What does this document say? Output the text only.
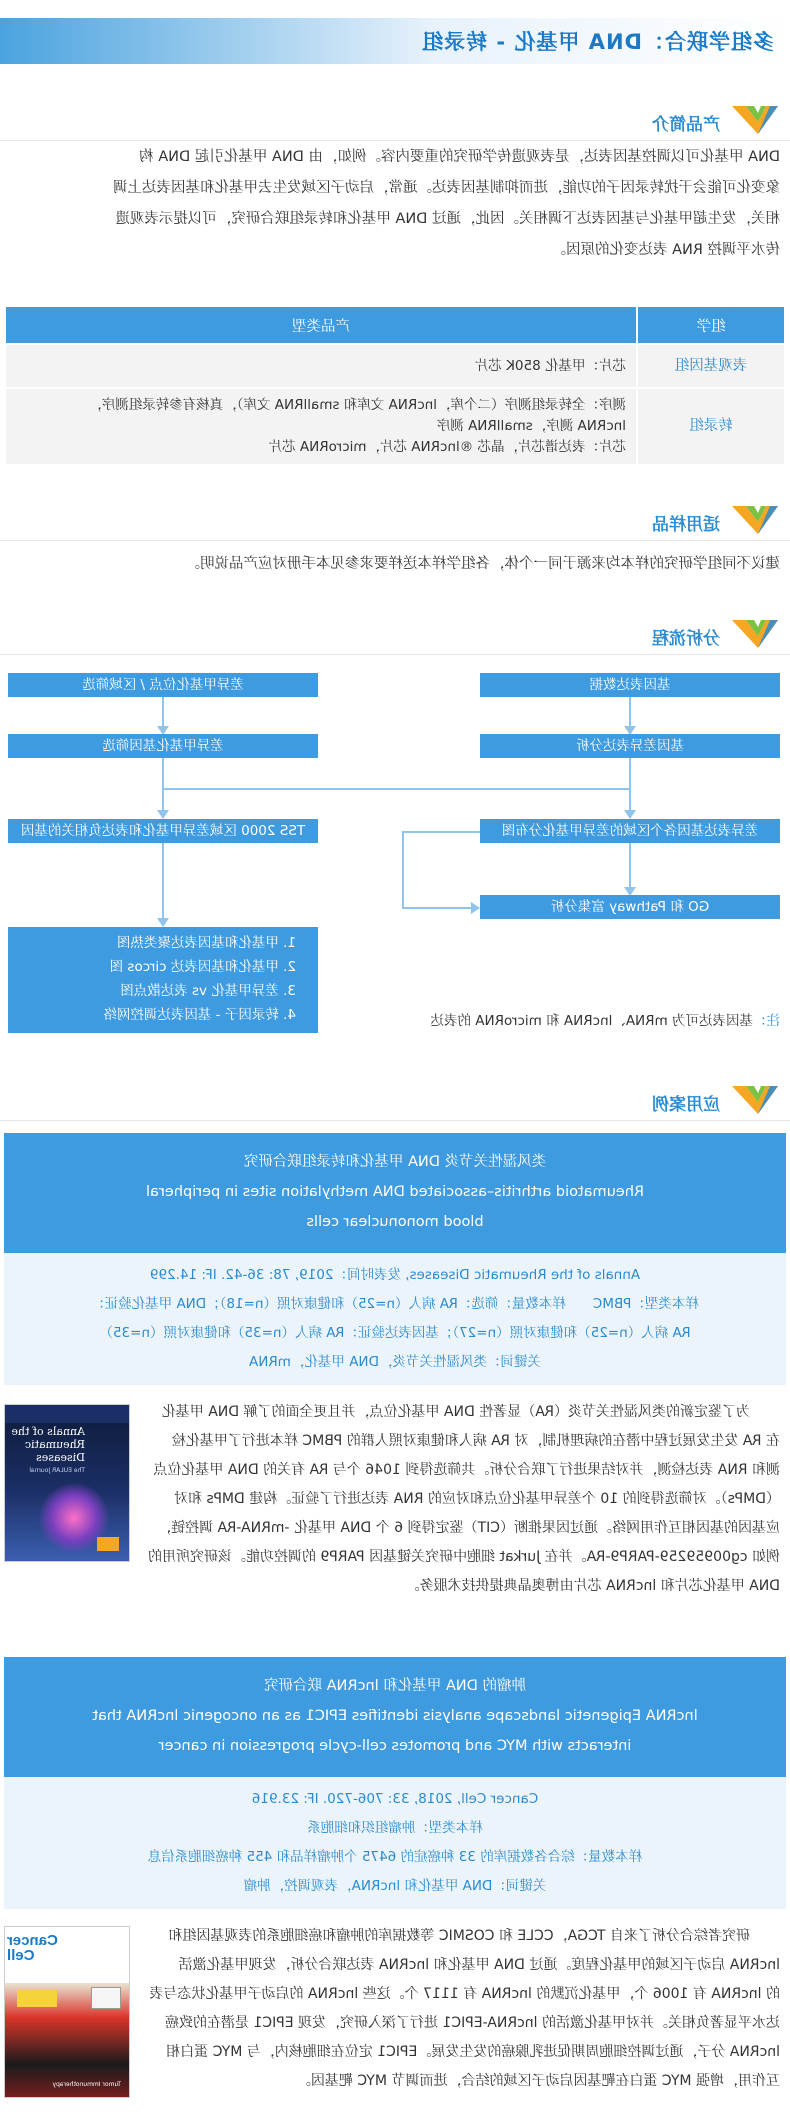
多组学联合：DNA 甲基化 - 转录组
产品简介
DNA 甲基化可以调控基因表达，是表观遗传学研究的重要内容。例如，由 DNA 甲基化引起 DNA 构
象变化可能会干扰转录因子的功能，进而抑制基因表达。通常，启动子区域发生去甲基化和基因表达上调
相关，发生超甲基化与基因表达下调相关。因此，通过 DNA 甲基化和转录组联合研究，可以提示表观遗
传水平调控 RNA 表达变化的原因。
组学	产品类型
表观基因组	芯片：甲基化 850K 芯片

转录组	测序：全转录组测序（二个库，lncRNA 文库和 smallRNA 文库），真核有参转录组测序，
lncRNA 测序，smallRNA 测序
芯片：表达谱芯片，晶芯 ®lncRNA 芯片，microRNA 芯片
适用样品
建议不同组学研究的样本均来源于同一个体，各组学样本送样要求参见本手册对应产品说明。
分析流程
基因表达数据
基因差异表达分析
差异甲基化位点 / 区域筛选
差异甲基化基因筛选
差异表达基因各个区域的差异甲基化分布图
TSS 2000 区域差异甲基化和表达负相关的基因
GO 和 Pathway 富集分析
1. 甲基化和基因表达聚类热图
2. 甲基化和基因表达 circos 图
3. 差异甲基化 vs 表达散点图
4. 转录因子 - 基因表达调控网络	注：基因表达可为 mRNA、lncRNA 和 microRNA 的表达
应用案例
类风湿性关节炎 DNA 甲基化和转录组联合研究
Rheumatoid arthritis–associated DNA methylation sites in peripheral
blood mononuclear cells
Annals of the Rheumatic Diseases, 发表时间：2019, 78: 36-42. IF: 14.299
样本类型：PBMC　　样本数量：筛选：RA 病人（n=25）和健康对照（n=18）；DNA 甲基化验证：
RA 病人（n=25）和健康对照（n=27）；基因表达验证：RA 病人（n=35）和健康对照（n=35）
关键词：类风湿性关节炎，DNA 甲基化，mRNA
为了鉴定新的类风湿性关节炎（RA）显著性 DNA 甲基化位点，并且更全面的了解 DNA 甲基化
在 RA 发生发展过程中潜在的病理机制，对 RA 病人和健康对照人群的 PBMC 样本进行了甲基化检
测和 RNA 表达检测，并对结果进行了联合分析。共筛选得到 1046 个与 RA 有关的 DNA 甲基化位点
（DMPs）。对筛选得到的 10 个差异甲基化位点和对应的 RNA 表达进行了验证。构建 DMPs 和对
应基因的基因相互作用网络。通过因果推断（CIT）鉴定得到 6 个 DNA 甲基化 -mRNA-RA 调控链，
例如 cg00959259-PARP9-RA。并在 Jurkat 细胞中研究关键基因 PARP9 的调控功能。该研究所用的
DNA 甲基化芯片和 lncRNA 芯片由博奥晶典提供技术服务。
Annals of the Rheumatic Diseases
The EULAR Journal
肿瘤的 DNA 甲基化和 lncRNA 联合研究
lncRNA Epigenetic landscape analysis identifies EPIC1 as an oncogenic lncRNA that
interacts with MYC and promotes cell-cycle progression in cancer
Cancer Cell, 2018, 33: 706-720. IF: 23.916
样本类型：肿瘤组织和细胞系
样本数量：综合各数据库的 33 种癌症的 6475 个肿瘤样品和 455 种癌细胞系信息
关键词：DNA 甲基化和 lncRNA，表观调控，肿瘤
研究者综合分析了来自 TCGA，CCLE 和 COSMIC 等数据库的肿瘤和癌细胞系的表观基因组和
lncRNA 启动子区域的甲基化程度。通过 DNA 甲基化和 lncRNA 表达联合分析，发现甲基化激活
的 lncRNA 有 1006 个，甲基化沉默的 lncRNA 有 1117 个。这些 lncRNA 的启动子甲基化状态与表
达水平显著负相关。并对甲基化激活的 lncRNA-EPIC1 进行了深入研究，发现 EPIC1 是潜在的致癌
lncRNA 分子，通过调控细胞周期促进乳腺癌的发生发展。EPIC1 定位在细胞核内，与 MYC 蛋白相
互作用，增强 MYC 蛋白在靶基因启动子区域的结合，进而调节 MYC 靶基因。
Cancer Cell
Tumor Immunotherapy
